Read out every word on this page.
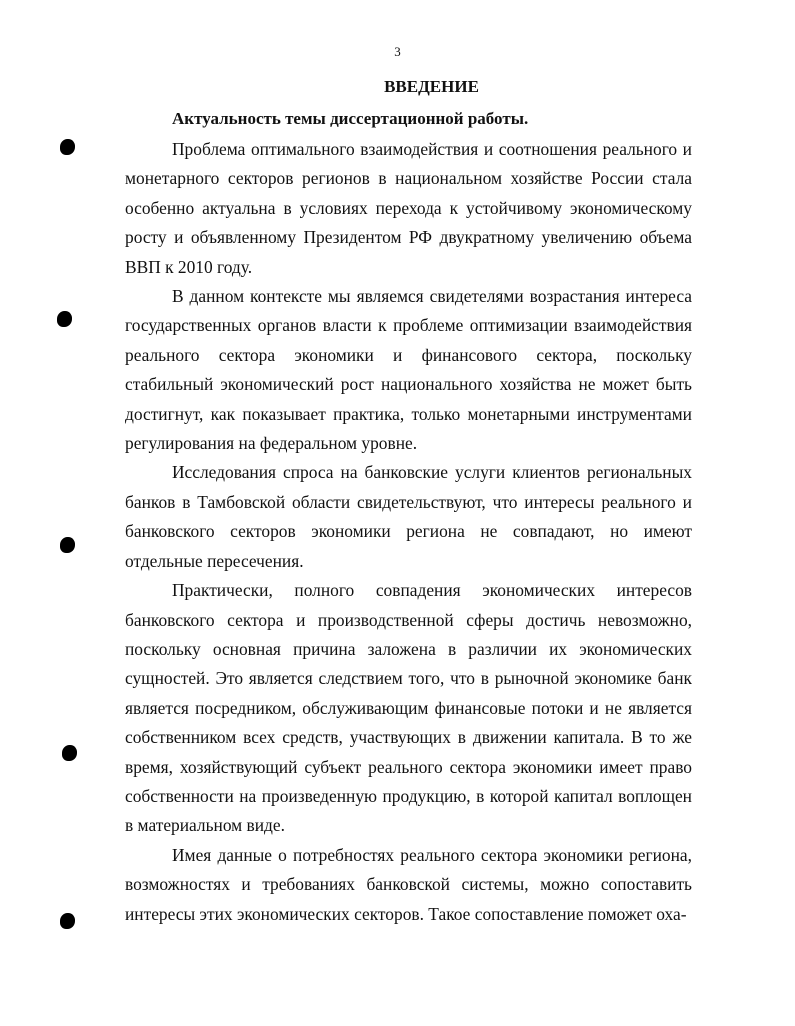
3
ВВЕДЕНИЕ
Актуальность темы диссертационной работы.

Проблема оптимального взаимодействия и соотношения реального и монетарного секторов регионов в национальном хозяйстве России стала особенно актуальна в условиях перехода к устойчивому экономическому росту и объявленному Президентом РФ двукратному увеличению объема ВВП к 2010 году.

В данном контексте мы являемся свидетелями возрастания интереса государственных органов власти к проблеме оптимизации взаимодействия реального сектора экономики и финансового сектора, поскольку стабильный экономический рост национального хозяйства не может быть достигнут, как показывает практика, только монетарными инструментами регулирования на федеральном уровне.

Исследования спроса на банковские услуги клиентов региональных банков в Тамбовской области свидетельствуют, что интересы реального и банковского секторов экономики региона не совпадают, но имеют отдельные пересечения.

Практически, полного совпадения экономических интересов банковского сектора и производственной сферы достичь невозможно, поскольку основная причина заложена в различии их экономических сущностей. Это является следствием того, что в рыночной экономике банк является посредником, обслуживающим финансовые потоки и не является собственником всех средств, участвующих в движении капитала. В то же время, хозяйствующий субъект реального сектора экономики имеет право собственности на произведенную продукцию, в которой капитал воплощен в материальном виде.

Имея данные о потребностях реального сектора экономики региона, возможностях и требованиях банковской системы, можно сопоставить интересы этих экономических секторов. Такое сопоставление поможет оха-
